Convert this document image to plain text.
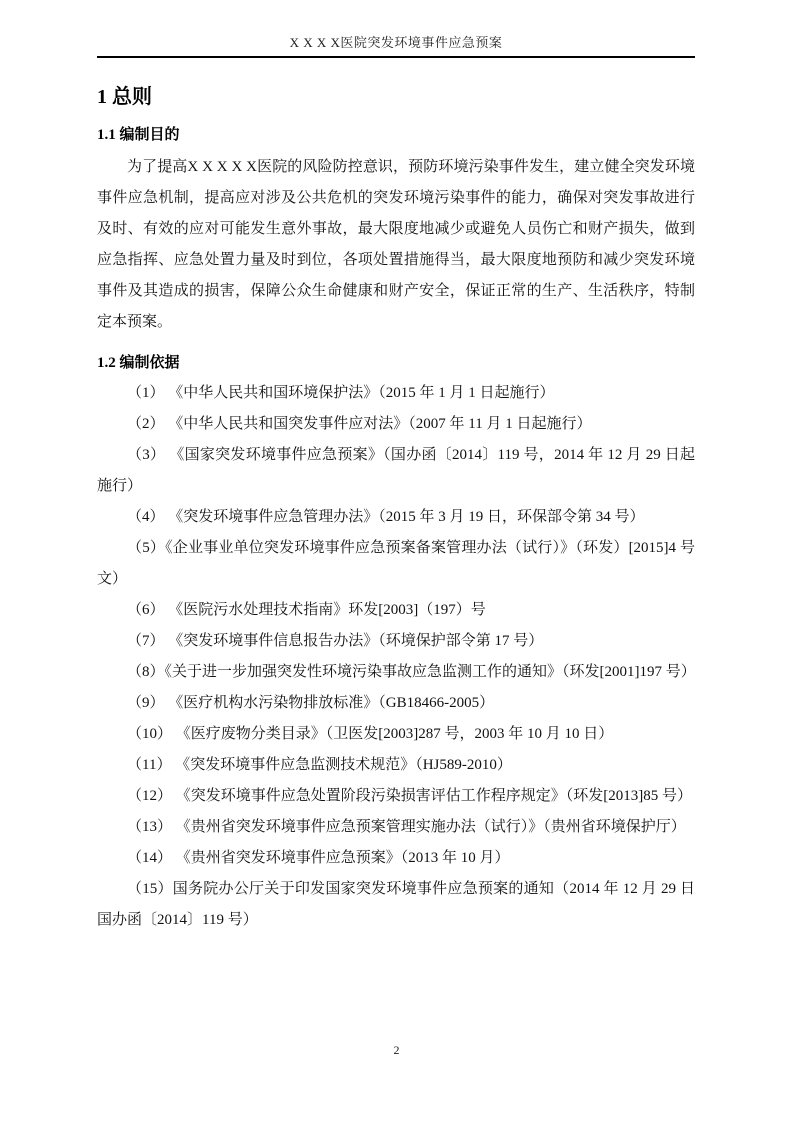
X X X X医院突发环境事件应急预案
1 总则
1.1 编制目的

为了提高X X X X X医院的风险防控意识，预防环境污染事件发生，建立健全突发环境事件应急机制，提高应对涉及公共危机的突发环境污染事件的能力，确保对突发事故进行及时、有效的应对可能发生意外事故，最大限度地减少或避免人员伤亡和财产损失，做到应急指挥、应急处置力量及时到位，各项处置措施得当，最大限度地预防和减少突发环境事件及其造成的损害，保障公众生命健康和财产安全，保证正常的生产、生活秩序，特制定本预案。

1.2 编制依据

（1） 《中华人民共和国环境保护法》（2015 年 1 月 1 日起施行）

（2） 《中华人民共和国突发事件应对法》（2007 年 11 月 1 日起施行）

（3） 《国家突发环境事件应急预案》（国办函〔2014〕119 号，2014 年 12 月 29 日起施行）

（4） 《突发环境事件应急管理办法》（2015 年 3 月 19 日，环保部令第 34 号）

（5）《企业事业单位突发环境事件应急预案备案管理办法（试行）》（环发）[2015]4 号文）

（6） 《医院污水处理技术指南》环发[2003]（197）号

（7） 《突发环境事件信息报告办法》（环境保护部令第 17 号）

（8）《关于进一步加强突发性环境污染事故应急监测工作的通知》（环发[2001]197 号）

（9） 《医疗机构水污染物排放标准》（GB18466-2005）

（10） 《医疗废物分类目录》（卫医发[2003]287 号，2003 年 10 月 10 日）

（11） 《突发环境事件应急监测技术规范》（HJ589-2010）

（12） 《突发环境事件应急处置阶段污染损害评估工作程序规定》（环发[2013]85 号）

（13） 《贵州省突发环境事件应急预案管理实施办法（试行）》（贵州省环境保护厅）

（14） 《贵州省突发环境事件应急预案》（2013 年 10 月）

（15）国务院办公厅关于印发国家突发环境事件应急预案的通知（2014 年 12 月 29 日国办函〔2014〕119 号）

2
